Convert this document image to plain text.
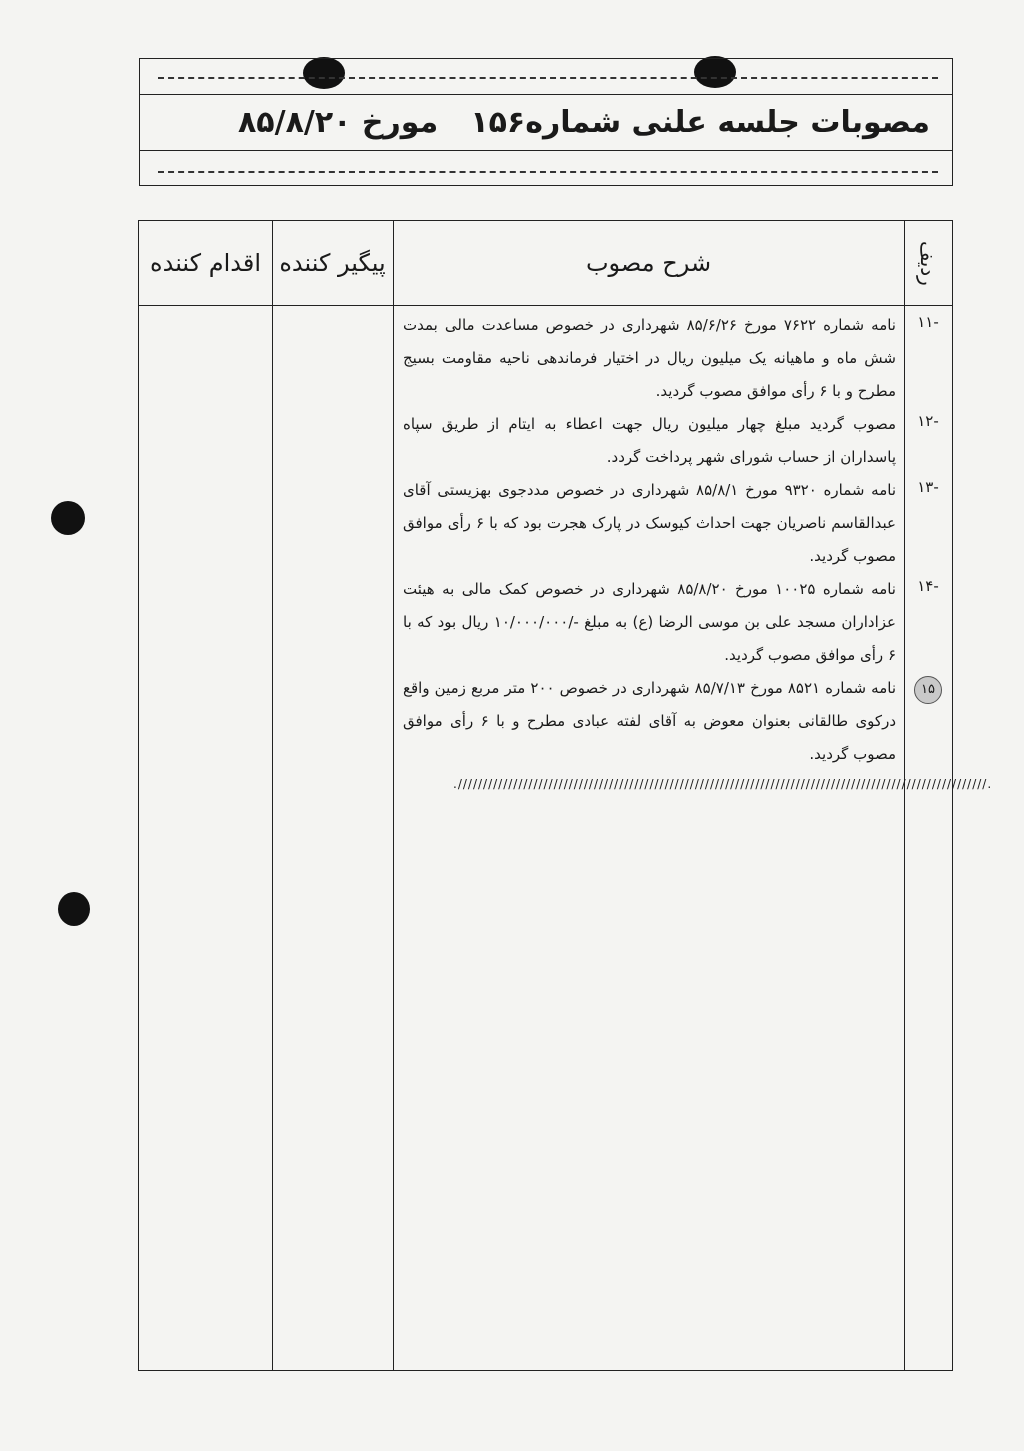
مصوبات جلسه علنی شماره۱۵۶
مورخ ۸۵/۸/۲۰
اقدام کننده پیگیر کننده	شرح مصوب	ردیف
-۱۱
نامه شماره ۷۶۲۲ مورخ ۸۵/۶/۲۶ شهرداری در خصوص مساعدت مالی بمدت شش ماه و ماهیانه یک میلیون ریال در اختیار فرماندهی ناحیه مقاومت بسیج مطرح و با ۶ رأی موافق مصوب گردید.
-۱۲
مصوب گردید مبلغ چهار میلیون ریال جهت اعطاء به ایتام از طریق سپاه پاسداران از حساب شورای شهر پرداخت گردد.
-۱۳
نامه شماره ۹۳۲۰ مورخ ۸۵/۸/۱ شهرداری در خصوص مددجوی بهزیستی آقای عبدالقاسم ناصریان جهت احداث کیوسک در پارک هجرت بود که با ۶ رأی موافق مصوب گردید.
-۱۴
نامه شماره ۱۰۰۲۵ مورخ ۸۵/۸/۲۰ شهرداری در خصوص کمک مالی به هیئت عزاداران مسجد علی بن موسی الرضا (ع) به مبلغ -/۱۰/۰۰۰/۰۰۰ ریال بود که با ۶ رأی موافق مصوب گردید.
۱۵
نامه شماره ۸۵۲۱ مورخ ۸۵/۷/۱۳ شهرداری در خصوص ۲۰۰ متر مربع زمین واقع درکوی طالقانی بعنوان معوض به آقای لفته عبادی مطرح و با ۶ رأی موافق مصوب گردید.
./////////////////////////////////////////////////////////////////////////////////////////////////////////.
